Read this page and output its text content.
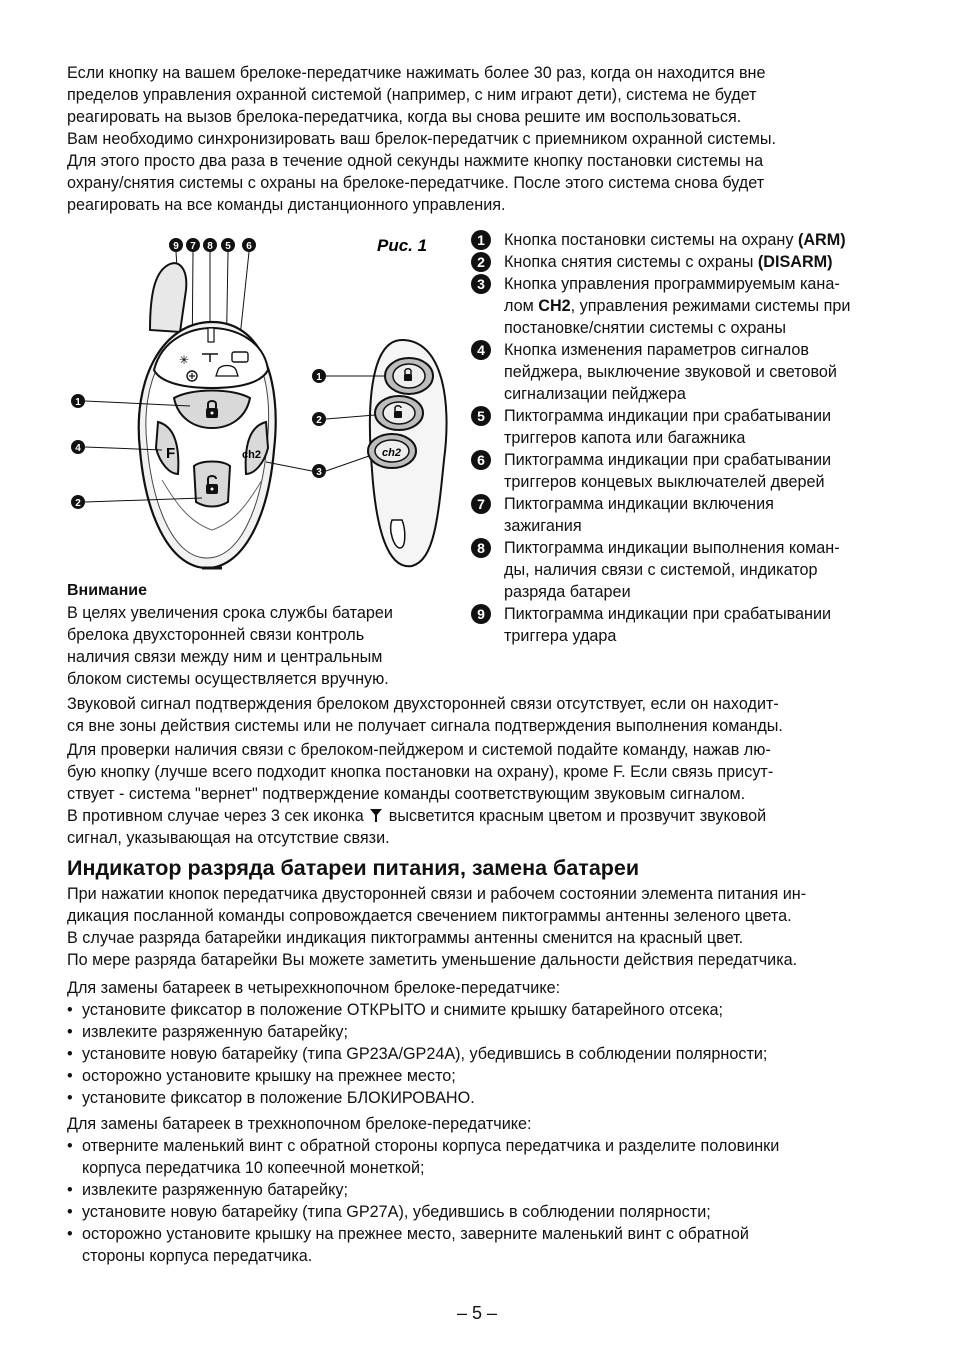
Если кнопку на вашем брелоке-передатчике нажимать более 30 раз, когда он находится вне
пределов управления охранной системой (например, с ним играют дети), система не будет
реагировать на вызов брелока-передатчика, когда вы снова решите им воспользоваться.
Вам необходимо синхронизировать ваш брелок-передатчик с приемником охранной системы.
Для этого просто два раза в течение одной секунды нажмите кнопку постановки системы на
охрану/снятия системы с охраны на брелоке-передатчике. После этого система снова будет
реагировать на все команды дистанционного управления.

Рис. 1
9 7 8 5 6
✳
F	ch2
1
4
2
ch2
1
2
3
1	Кнопка постановки системы на охрану (ARM)
2	Кнопка снятия системы с охраны (DISARM)
3	Кнопка управления программируемым кана-
лом CH2, управления режимами системы при
постановке/снятии системы с охраны
4	Кнопка изменения параметров сигналов
пейджера, выключение звуковой и световой
сигнализации пейджера
5	Пиктограмма индикации при срабатывании
триггеров капота или багажника
6	Пиктограмма индикации при срабатывании
триггеров концевых выключателей дверей
7	Пиктограмма индикации включения
зажигания
8	Пиктограмма индикации выполнения коман-
ды, наличия связи с системой, индикатор
разряда батареи
9	Пиктограмма индикации при срабатывании
триггера удара
Внимание
В целях увеличения срока службы батареи
брелока двухсторонней связи контроль
наличия связи между ним и центральным
блоком системы осуществляется вручную.

Звуковой сигнал подтверждения брелоком двухсторонней связи отсутствует, если он находит-
ся вне зоны действия системы или не получает сигнала подтверждения выполнения команды.

Для проверки наличия связи с брелоком-пейджером и системой подайте команду, нажав лю-
бую кнопку (лучше всего подходит кнопка постановки на охрану), кроме F. Если связь присут-
ствует - система "вернет" подтверждение команды соответствующим звуковым сигналом.
В противном случае через 3 сек иконка  высветится красным цветом и прозвучит звуковой
сигнал, указывающая на отсутствие связи.

Индикатор разряда батареи питания, замена батареи

При нажатии кнопок передатчика двусторонней связи и рабочем состоянии элемента питания ин-
дикация посланной команды сопровождается свечением пиктограммы антенны зеленого цвета.
В случае разряда батарейки индикация пиктограммы антенны сменится на красный цвет.
По мере разряда батарейки Вы можете заметить уменьшение дальности действия передатчика.

Для замены батареек в четырехкнопочном брелоке-передатчике:

• установите фиксатор в положение ОТКРЫТО и снимите крышку батарейного отсека;
• извлеките разряженную батарейку;
• установите новую батарейку (типа GP23A/GP24A), убедившись в соблюдении полярности;
• осторожно установите крышку на прежнее место;
• установите фиксатор в положение БЛОКИРОВАНО.

Для замены батареек в трехкнопочном брелоке-передатчике:

• отверните маленький винт с обратной стороны корпуса передатчика и разделите половинки
корпуса передатчика 10 копеечной монеткой;
• извлеките разряженную батарейку;
• установите новую батарейку (типа GP27A), убедившись в соблюдении полярности;
• осторожно установите крышку на прежнее место, заверните маленький винт с обратной
стороны корпуса передатчика.
– 5 –
